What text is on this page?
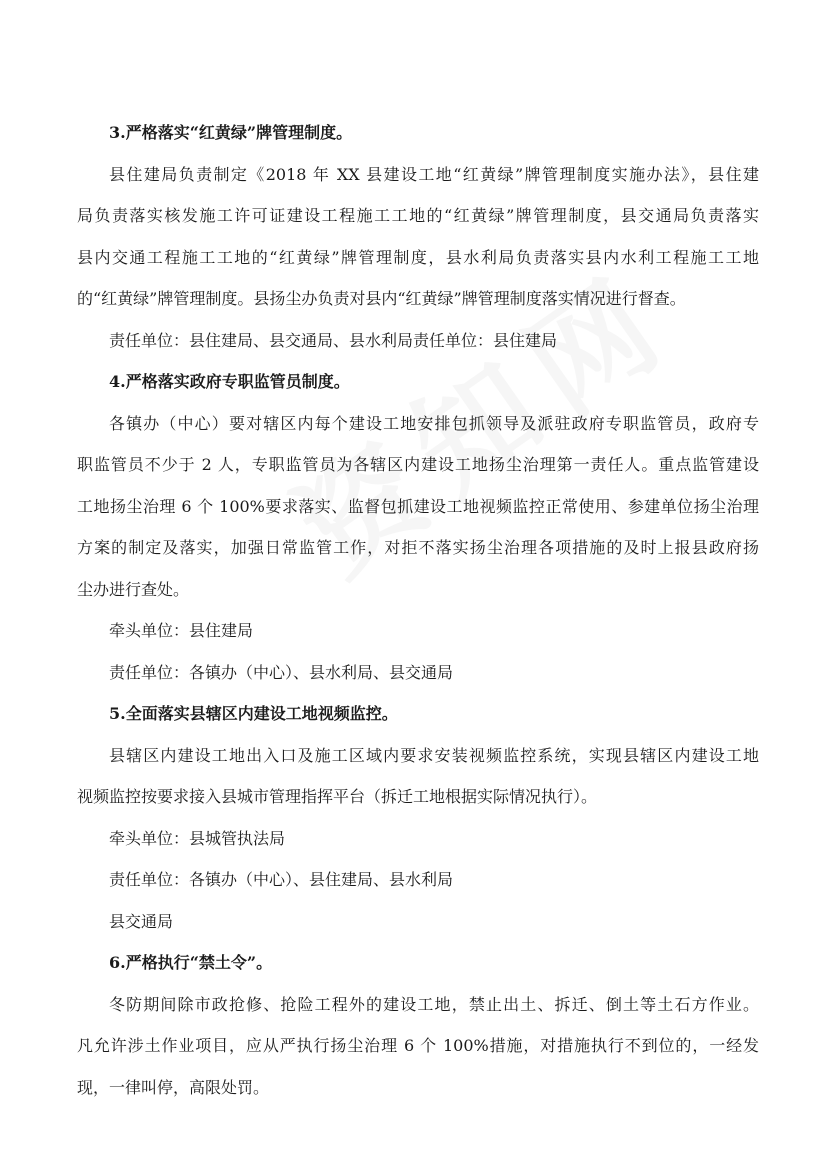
3.严格落实“红黄绿”牌管理制度。
县住建局负责制定《2018 年 XX 县建设工地“红黄绿”牌管理制度实施办法》，县住建
局负责落实核发施工许可证建设工程施工工地的“红黄绿”牌管理制度，县交通局负责落实
县内交通工程施工工地的“红黄绿”牌管理制度，县水利局负责落实县内水利工程施工工地
的“红黄绿”牌管理制度。县扬尘办负责对县内“红黄绿”牌管理制度落实情况进行督查。
责任单位：县住建局、县交通局、县水利局责任单位：县住建局
4.严格落实政府专职监管员制度。
各镇办（中心）要对辖区内每个建设工地安排包抓领导及派驻政府专职监管员，政府专
职监管员不少于 2 人，专职监管员为各辖区内建设工地扬尘治理第一责任人。重点监管建设
工地扬尘治理 6 个 100%要求落实、监督包抓建设工地视频监控正常使用、参建单位扬尘治理
方案的制定及落实，加强日常监管工作，对拒不落实扬尘治理各项措施的及时上报县政府扬
尘办进行查处。
牵头单位：县住建局
责任单位：各镇办（中心）、县水利局、县交通局
5.全面落实县辖区内建设工地视频监控。
县辖区内建设工地出入口及施工区域内要求安装视频监控系统，实现县辖区内建设工地
视频监控按要求接入县城市管理指挥平台（拆迁工地根据实际情况执行）。
牵头单位：县城管执法局
责任单位：各镇办（中心）、县住建局、县水利局
县交通局
6.严格执行“禁土令”。
冬防期间除市政抢修、抢险工程外的建设工地，禁止出土、拆迁、倒土等土石方作业。
凡允许涉土作业项目，应从严执行扬尘治理 6 个 100%措施，对措施执行不到位的，一经发
现，一律叫停，高限处罚。
